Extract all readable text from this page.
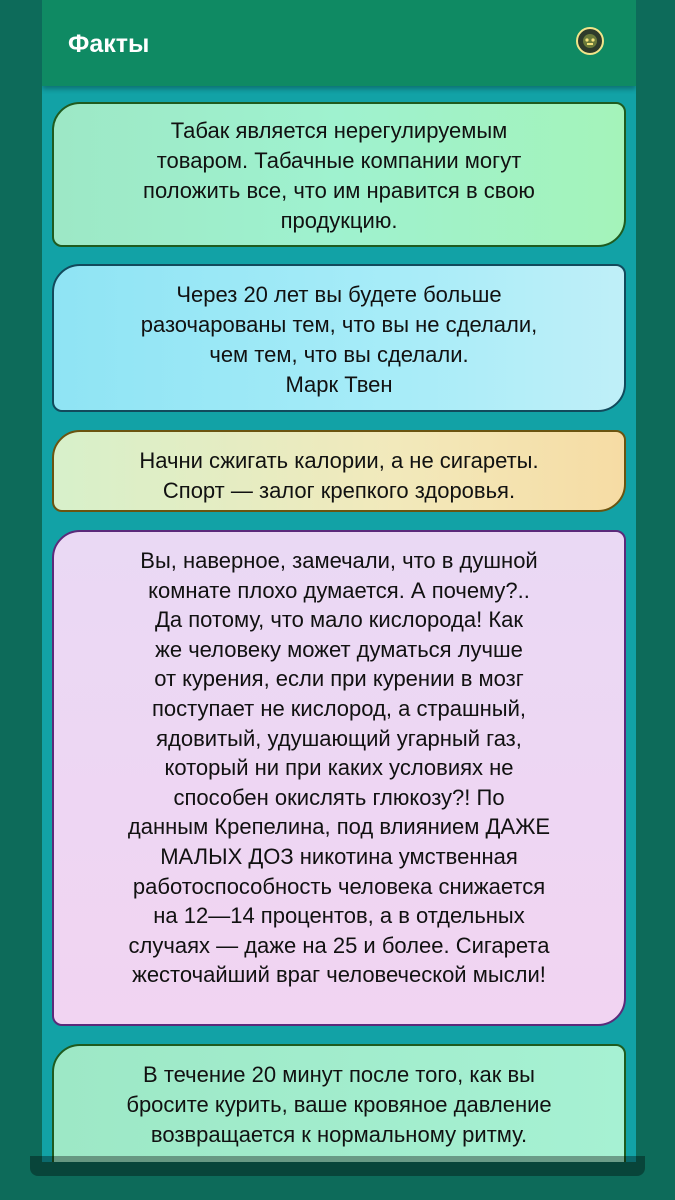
Факты
Табак является нерегулируемым
товаром. Табачные компании могут
положить все, что им нравится в свою
продукцию.
Через 20 лет вы будете больше
разочарованы тем, что вы не сделали,
чем тем, что вы сделали.
Марк Твен
Начни сжигать калории, а не сигареты.
Спорт — залог крепкого здоровья.
Вы, наверное, замечали, что в душной
комнате плохо думается. А почему?..
Да потому, что мало кислорода! Как
же человеку может думаться лучше
от курения, если при курении в мозг
поступает не кислород, а страшный,
ядовитый, удушающий угарный газ,
который ни при каких условиях не
способен окислять глюкозу?! По
данным Крепелина, под влиянием ДАЖЕ
МАЛЫХ ДОЗ никотина умственная
работоспособность человека снижается
на 12—14 процентов, а в отдельных
случаях — даже на 25 и более. Сигарета
жесточайший враг человеческой мысли!
В течение 20 минут после того, как вы
бросите курить, ваше кровяное давление
возвращается к нормальному ритму.
